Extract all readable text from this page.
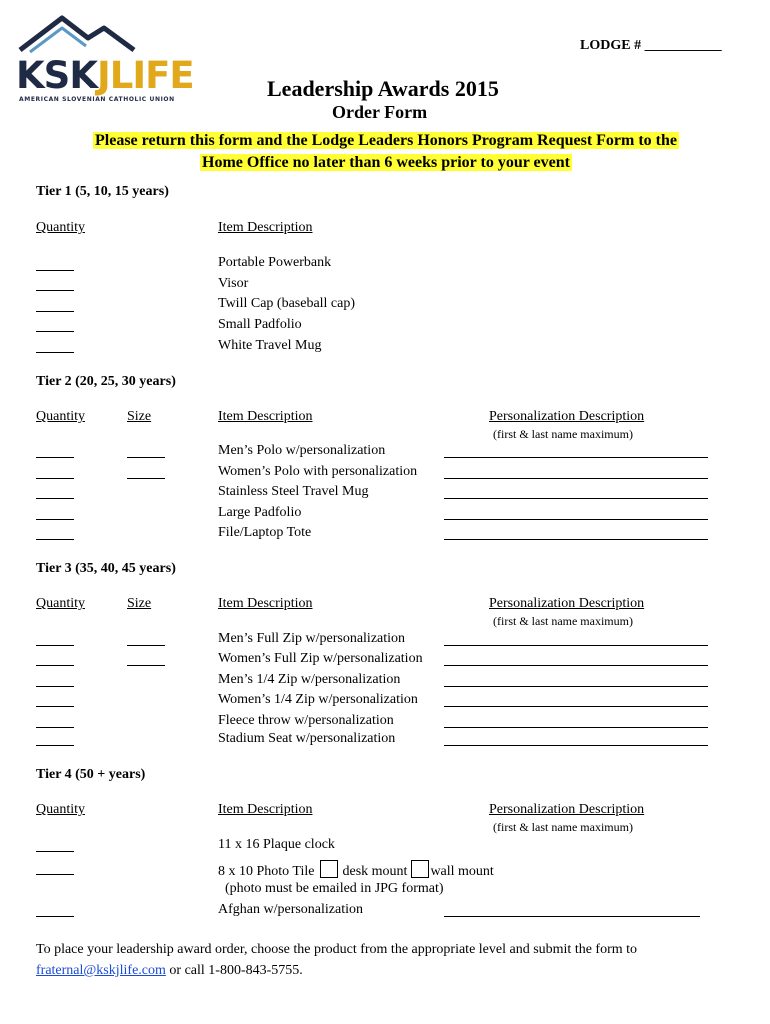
KSKJLIFE
AMERICAN SLOVENIAN CATHOLIC UNION
LODGE # ___________
Leadership Awards 2015
Order Form
Please return this form and the Lodge Leaders Honors Program Request Form to the
Home Office no later than 6 weeks prior to your event
Tier 1 (5, 10, 15 years)
Quantity	Item Description
Portable Powerbank
Visor
Twill Cap (baseball cap)
Small Padfolio
White Travel Mug
Tier 2 (20, 25, 30 years)
Quantity	Size	Item Description	Personalization Description
(first & last name maximum)
Men’s Polo w/personalization
Women’s Polo with personalization
Stainless Steel Travel Mug
Large Padfolio
File/Laptop Tote
Tier 3 (35, 40, 45 years)
Quantity	Size	Item Description	Personalization Description
(first & last name maximum)
Men’s Full Zip w/personalization
Women’s Full Zip w/personalization
Men’s 1/4 Zip w/personalization
Women’s 1/4 Zip w/personalization
Fleece throw w/personalization
Stadium Seat w/personalization
Tier 4 (50 + years)
Quantity	Item Description	Personalization Description
(first & last name maximum)
11 x 16 Plaque clock
8 x 10 Photo Tile desk mount wall mount
(photo must be emailed in JPG format)
Afghan w/personalization
To place your leadership award order, choose the product from the appropriate level and submit the form to
fraternal@kskjlife.com or call 1-800-843-5755.
